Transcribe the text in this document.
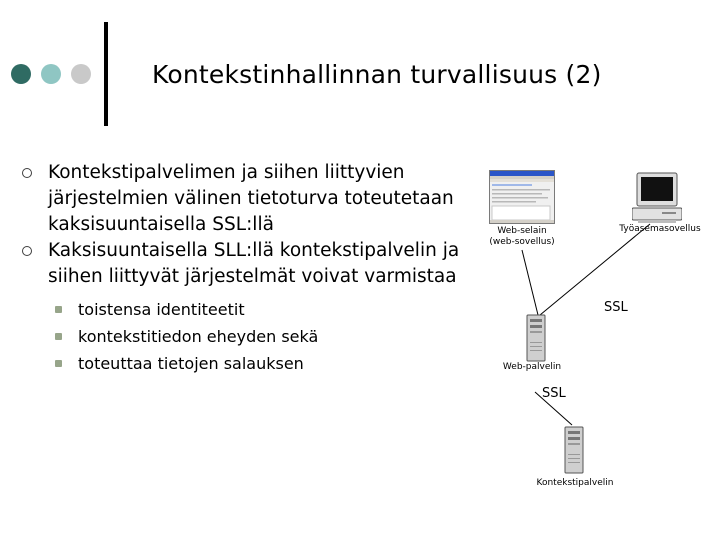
Kontekstinhallinnan turvallisuus (2)
Kontekstipalvelimen ja siihen liittyvien järjestelmien välinen tietoturva toteutetaan kaksisuuntaisella SSL:llä
Kaksisuuntaisella SLL:llä kontekstipalvelin ja siihen liittyvät järjestelmät voivat varmistaa
toistensa identiteetit
kontekstitiedon eheyden sekä
toteuttaa tietojen salauksen
Web-selain
(web-sovellus)
Työasemasovellus
Web-palvelin
Kontekstipalvelin
SSL
SSL
